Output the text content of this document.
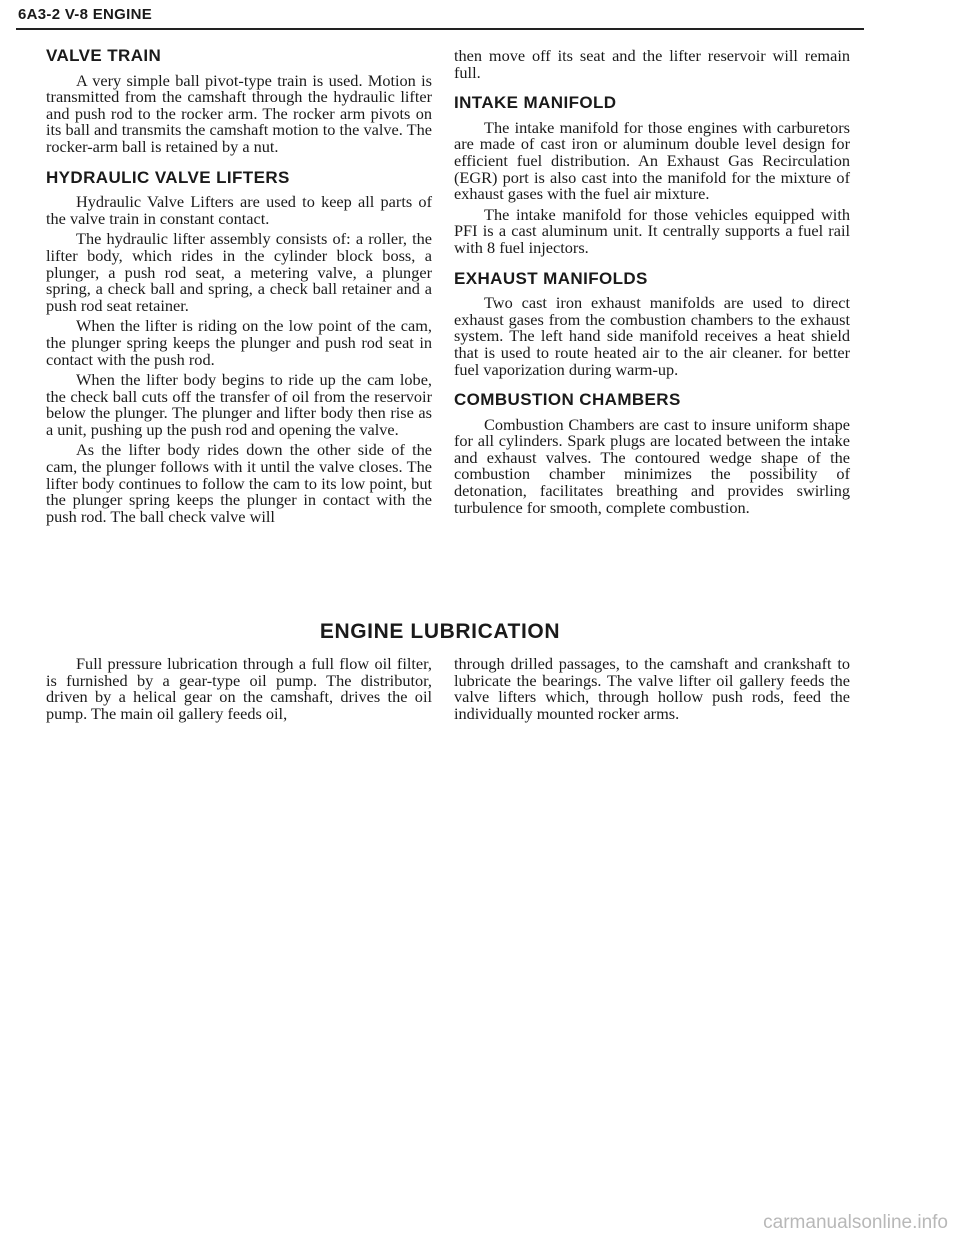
6A3-2 V-8 ENGINE
VALVE TRAIN

A very simple ball pivot-type train is used. Motion is transmitted from the camshaft through the hydraulic lifter and push rod to the rocker arm. The rocker arm pivots on its ball and transmits the camshaft motion to the valve. The rocker-arm ball is retained by a nut.

HYDRAULIC VALVE LIFTERS

Hydraulic Valve Lifters are used to keep all parts of the valve train in constant contact.

The hydraulic lifter assembly consists of: a roller, the lifter body, which rides in the cylinder block boss, a plunger, a push rod seat, a metering valve, a plunger spring, a check ball and spring, a check ball retainer and a push rod seat retainer.

When the lifter is riding on the low point of the cam, the plunger spring keeps the plunger and push rod seat in contact with the push rod.

When the lifter body begins to ride up the cam lobe, the check ball cuts off the transfer of oil from the reservoir below the plunger. The plunger and lifter body then rise as a unit, pushing up the push rod and opening the valve.

As the lifter body rides down the other side of the cam, the plunger follows with it until the valve closes. The lifter body continues to follow the cam to its low point, but the plunger spring keeps the plunger in contact with the push rod. The ball check valve will

then move off its seat and the lifter reservoir will remain full.

INTAKE MANIFOLD

The intake manifold for those engines with carburetors are made of cast iron or aluminum double level design for efficient fuel distribution. An Exhaust Gas Recirculation (EGR) port is also cast into the manifold for the mixture of exhaust gases with the fuel air mixture.

The intake manifold for those vehicles equipped with PFI is a cast aluminum unit. It centrally supports a fuel rail with 8 fuel injectors.

EXHAUST MANIFOLDS

Two cast iron exhaust manifolds are used to direct exhaust gases from the combustion chambers to the exhaust system. The left hand side manifold receives a heat shield that is used to route heated air to the air cleaner. for better fuel vaporization during warm-up.

COMBUSTION CHAMBERS

Combustion Chambers are cast to insure uniform shape for all cylinders. Spark plugs are located between the intake and exhaust valves. The contoured wedge shape of the combustion chamber minimizes the possibility of detonation, facilitates breathing and provides swirling turbulence for smooth, complete combustion.

ENGINE LUBRICATION

Full pressure lubrication through a full flow oil filter, is furnished by a gear-type oil pump. The distributor, driven by a helical gear on the camshaft, drives the oil pump. The main oil gallery feeds oil,

through drilled passages, to the camshaft and crankshaft to lubricate the bearings. The valve lifter oil gallery feeds the valve lifters which, through hollow push rods, feed the individually mounted rocker arms.

carmanualsonline.info
